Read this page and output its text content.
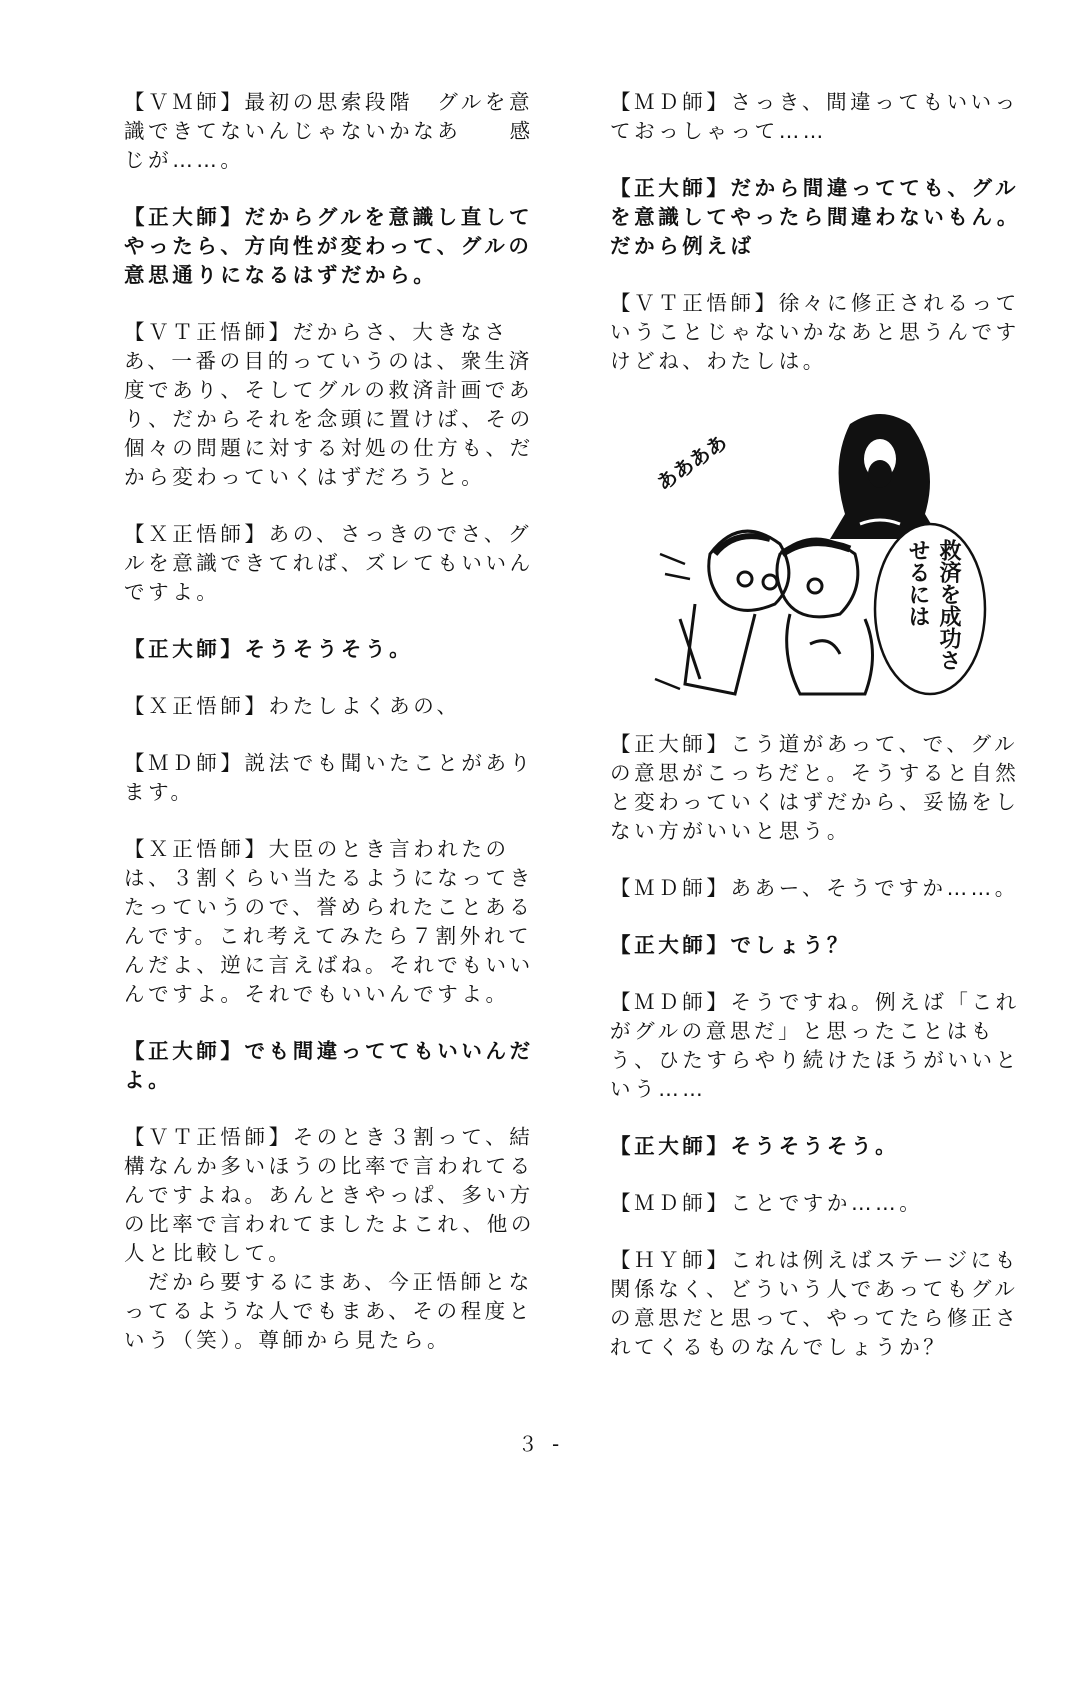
【ＶＭ師】最初の思索段階　グルを意識できてないんじゃないかなあ　　感じが……。

【正大師】だからグルを意識し直してやったら、方向性が変わって、グルの意思通りになるはずだから。

【ＶＴ正悟師】だからさ、大きなさあ、一番の目的っていうのは、衆生済度であり、そしてグルの救済計画であり、だからそれを念頭に置けば、その個々の問題に対する対処の仕方も、だから変わっていくはずだろうと。

【Ｘ正悟師】あの、さっきのでさ、グルを意識できてれば、ズレてもいいんですよ。

【正大師】そうそうそう。

【Ｘ正悟師】わたしよくあの、

【ＭＤ師】説法でも聞いたことがあります。

【Ｘ正悟師】大臣のとき言われたのは、３割くらい当たるようになってきたっていうので、誉められたことあるんです。これ考えてみたら７割外れてんだよ、逆に言えばね。それでもいいんですよ。それでもいいんですよ。

【正大師】でも間違っててもいいんだよ。

【ＶＴ正悟師】そのとき３割って、結構なんか多いほうの比率で言われてるんですよね。あんときやっぱ、多い方の比率で言われてましたよこれ、他の人と比較して。
　だから要するにまあ、今正悟師となってるような人でもまあ、その程度という（笑）。尊師から見たら。

【ＭＤ師】さっき、間違ってもいいっておっしゃって……

【正大師】だから間違ってても、グルを意識してやったら間違わないもん。だから例えば

【ＶＴ正悟師】徐々に修正されるっていうことじゃないかなあと思うんですけどね、わたしは。

ああああ
救済を成功させるには

【正大師】こう道があって、で、グルの意思がこっちだと。そうすると自然と変わっていくはずだから、妥協をしない方がいいと思う。

【ＭＤ師】ああー、そうですか……。

【正大師】でしょう？

【ＭＤ師】そうですね。例えば「これがグルの意思だ」と思ったことはもう、ひたすらやり続けたほうがいいという……

【正大師】そうそうそう。

【ＭＤ師】ことですか……。

【ＨＹ師】これは例えばステージにも関係なく、どういう人であってもグルの意思だと思って、やってたら修正されてくるものなんでしょうか？

３ -
